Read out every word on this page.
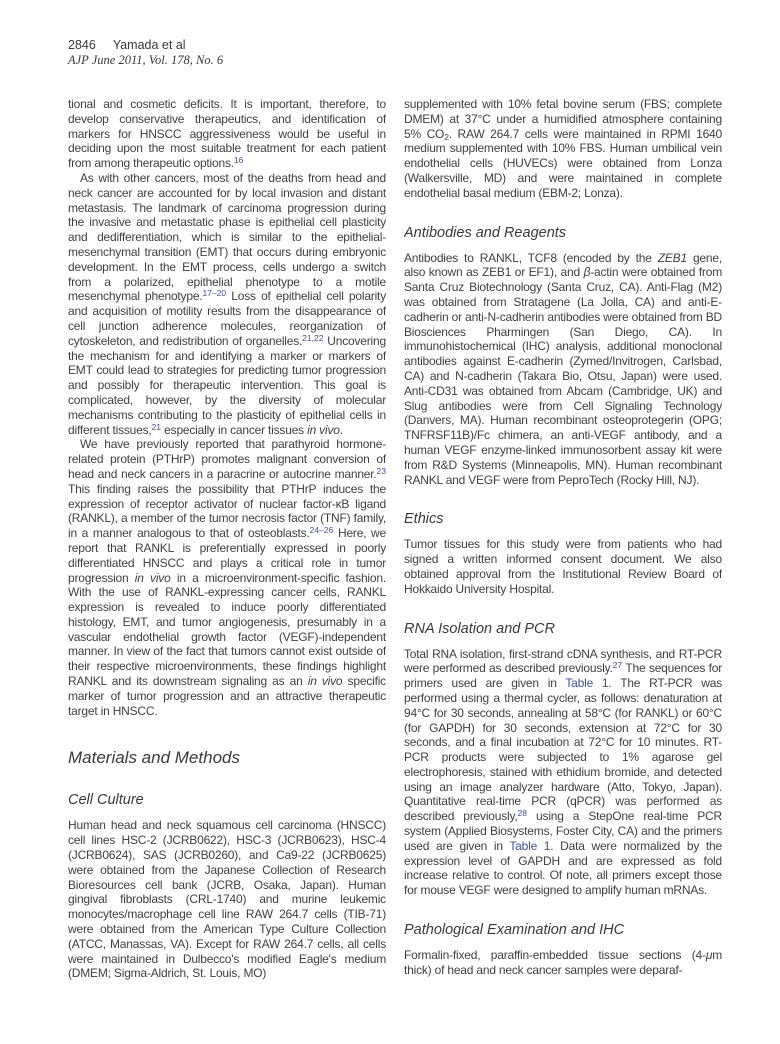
2846 Yamada et al
AJP June 2011, Vol. 178, No. 6

tional and cosmetic deficits. It is important, therefore, to develop conservative therapeutics, and identification of markers for HNSCC aggressiveness would be useful in deciding upon the most suitable treatment for each patient from among therapeutic options.$^{16}$

As with other cancers, most of the deaths from head and neck cancer are accounted for by local invasion and distant metastasis. The landmark of carcinoma progression during the invasive and metastatic phase is epithelial cell plasticity and dedifferentiation, which is similar to the epithelial-mesenchymal transition (EMT) that occurs during embryonic development. In the EMT process, cells undergo a switch from a polarized, epithelial phenotype to a motile mesenchymal phenotype.$^{17-20}$ Loss of epithelial cell polarity and acquisition of motility results from the disappearance of cell junction adherence molecules, reorganization of cytoskeleton, and redistribution of organelles.$^{21,22}$ Uncovering the mechanism for and identifying a marker or markers of EMT could lead to strategies for predicting tumor progression and possibly for therapeutic intervention. This goal is complicated, however, by the diversity of molecular mechanisms contributing to the plasticity of epithelial cells in different tissues,$^{21}$ especially in cancer tissues in vivo.

We have previously reported that parathyroid hormone-related protein (PTHrP) promotes malignant conversion of head and neck cancers in a paracrine or autocrine manner.$^{23}$ This finding raises the possibility that PTHrP induces the expression of receptor activator of nuclear factor-κB ligand (RANKL), a member of the tumor necrosis factor (TNF) family, in a manner analogous to that of osteoblasts.$^{24-26}$ Here, we report that RANKL is preferentially expressed in poorly differentiated HNSCC and plays a critical role in tumor progression in vivo in a microenvironment-specific fashion. With the use of RANKL-expressing cancer cells, RANKL expression is revealed to induce poorly differentiated histology, EMT, and tumor angiogenesis, presumably in a vascular endothelial growth factor (VEGF)-independent manner. In view of the fact that tumors cannot exist outside of their respective microenvironments, these findings highlight RANKL and its downstream signaling as an in vivo specific marker of tumor progression and an attractive therapeutic target in HNSCC.

Materials and Methods
Cell Culture

Human head and neck squamous cell carcinoma (HNSCC) cell lines HSC-2 (JCRB0622), HSC-3 (JCRB0623), HSC-4 (JCRB0624), SAS (JCRB0260), and Ca9-22 (JCRB0625) were obtained from the Japanese Collection of Research Bioresources cell bank (JCRB, Osaka, Japan). Human gingival fibroblasts (CRL-1740) and murine leukemic monocytes/macrophage cell line RAW 264.7 cells (TIB-71) were obtained from the American Type Culture Collection (ATCC, Manassas, VA). Except for RAW 264.7 cells, all cells were maintained in Dulbecco's modified Eagle's medium (DMEM; Sigma-Aldrich, St. Louis, MO)

supplemented with 10% fetal bovine serum (FBS; complete DMEM) at 37°C under a humidified atmosphere containing 5% $CO_2$. RAW 264.7 cells were maintained in RPMI 1640 medium supplemented with 10% FBS. Human umbilical vein endothelial cells (HUVECs) were obtained from Lonza (Walkersville, MD) and were maintained in complete endothelial basal medium (EBM-2; Lonza).

Antibodies and Reagents

Antibodies to RANKL, TCF8 (encoded by the ZEB1 gene, also known as ZEB1 or EF1), and β-actin were obtained from Santa Cruz Biotechnology (Santa Cruz, CA). Anti-Flag (M2) was obtained from Stratagene (La Jolla, CA) and anti-E-cadherin or anti-N-cadherin antibodies were obtained from BD Biosciences Pharmingen (San Diego, CA). In immunohistochemical (IHC) analysis, additional monoclonal antibodies against E-cadherin (Zymed/Invitrogen, Carlsbad, CA) and N-cadherin (Takara Bio, Otsu, Japan) were used. Anti-CD31 was obtained from Abcam (Cambridge, UK) and Slug antibodies were from Cell Signaling Technology (Danvers, MA). Human recombinant osteoprotegerin (OPG; TNFRSF11B)/Fc chimera, an anti-VEGF antibody, and a human VEGF enzyme-linked immunosorbent assay kit were from R&D Systems (Minneapolis, MN). Human recombinant RANKL and VEGF were from PeproTech (Rocky Hill, NJ).

Ethics

Tumor tissues for this study were from patients who had signed a written informed consent document. We also obtained approval from the Institutional Review Board of Hokkaido University Hospital.

RNA Isolation and PCR

Total RNA isolation, first-strand cDNA synthesis, and RT-PCR were performed as described previously.$^{27}$ The sequences for primers used are given in Table 1. The RT-PCR was performed using a thermal cycler, as follows: denaturation at 94°C for 30 seconds, annealing at 58°C (for RANKL) or 60°C (for GAPDH) for 30 seconds, extension at 72°C for 30 seconds, and a final incubation at 72°C for 10 minutes. RT-PCR products were subjected to 1% agarose gel electrophoresis, stained with ethidium bromide, and detected using an image analyzer hardware (Atto, Tokyo, Japan). Quantitative real-time PCR (qPCR) was performed as described previously,$^{28}$ using a StepOne real-time PCR system (Applied Biosystems, Foster City, CA) and the primers used are given in Table 1. Data were normalized by the expression level of GAPDH and are expressed as fold increase relative to control. Of note, all primers except those for mouse VEGF were designed to amplify human mRNAs.

Pathological Examination and IHC

Formalin-fixed, paraffin-embedded tissue sections (4-μm thick) of head and neck cancer samples were deparaf-
